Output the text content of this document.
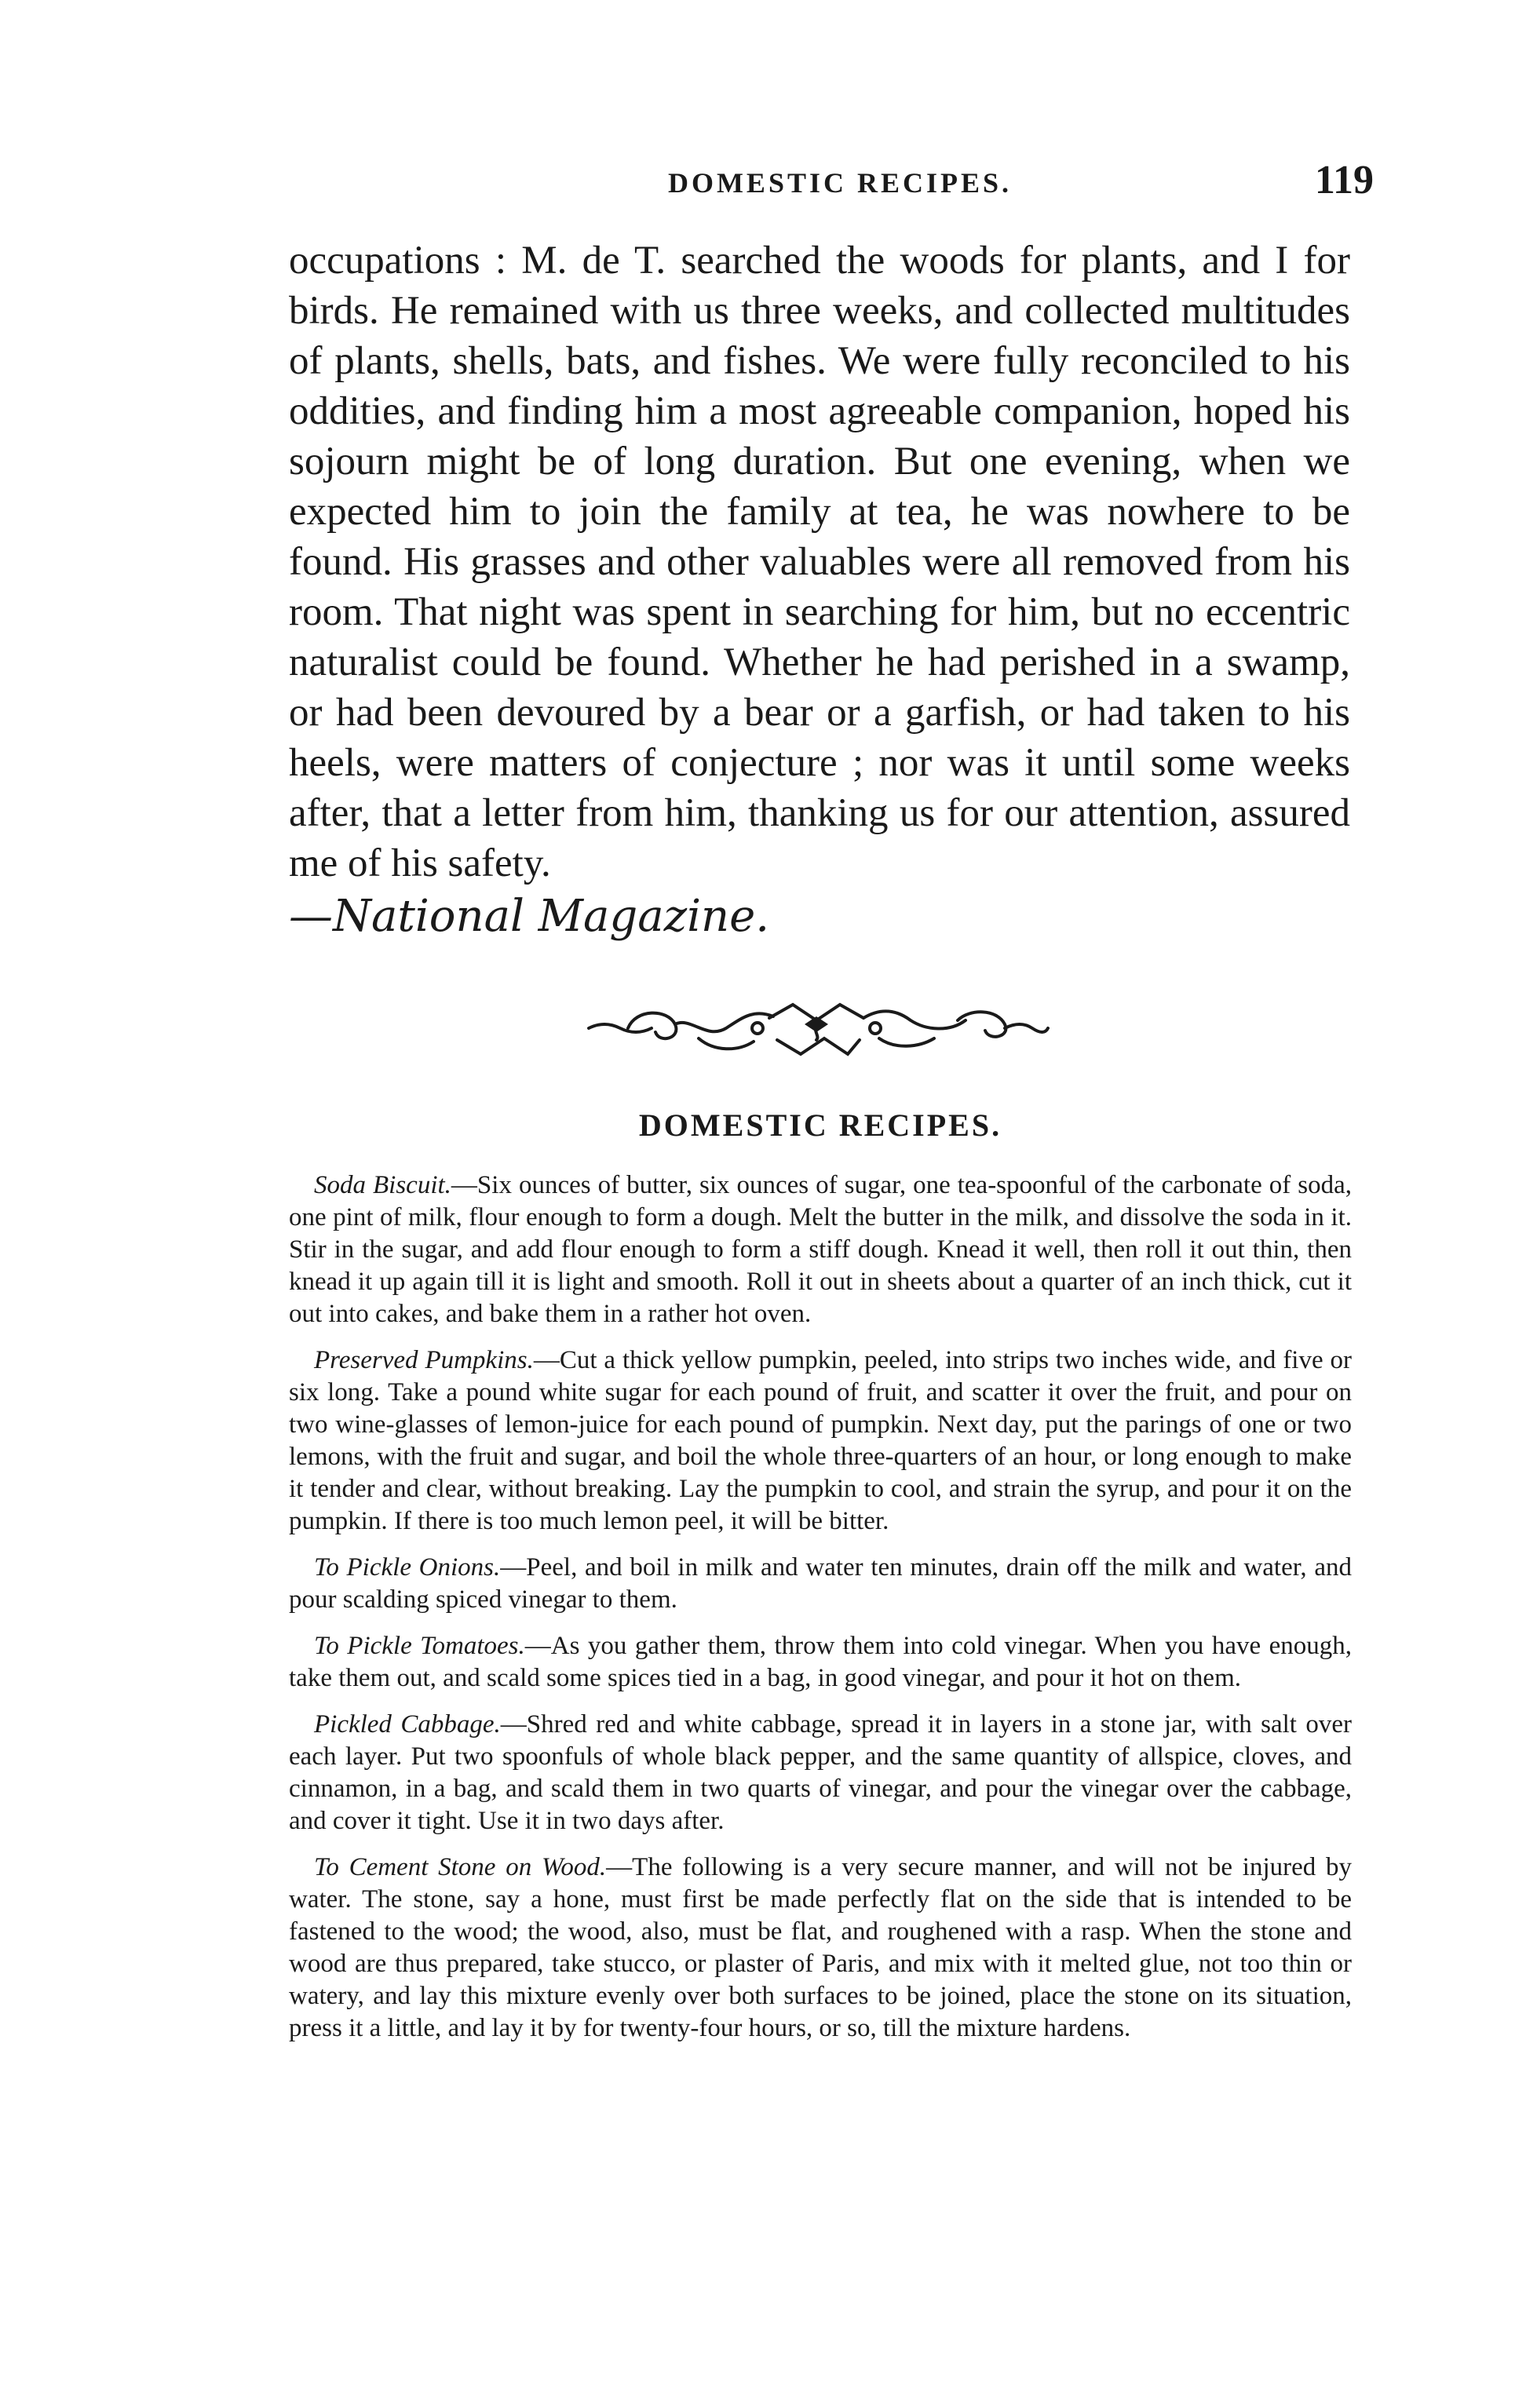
DOMESTIC RECIPES.	119

occupations : M. de T. searched the woods for plants, and I for birds. He remained with us three weeks, and collected multitudes of plants, shells, bats, and fishes. We were fully reconciled to his oddities, and finding him a most agreeable companion, hoped his sojourn might be of long duration. But one evening, when we expected him to join the family at tea, he was nowhere to be found. His grasses and other valuables were all removed from his room. That night was spent in searching for him, but no eccentric naturalist could be found. Whether he had perished in a swamp, or had been devoured by a bear or a garfish, or had taken to his heels, were matters of conjecture ; nor was it until some weeks after, that a letter from him, thanking us for our attention, assured me of his safety.

—National Magazine.
DOMESTIC RECIPES.

Soda Biscuit.—Six ounces of butter, six ounces of sugar, one tea-spoonful of the carbonate of soda, one pint of milk, flour enough to form a dough. Melt the butter in the milk, and dissolve the soda in it. Stir in the sugar, and add flour enough to form a stiff dough. Knead it well, then roll it out thin, then knead it up again till it is light and smooth. Roll it out in sheets about a quarter of an inch thick, cut it out into cakes, and bake them in a rather hot oven.

Preserved Pumpkins.—Cut a thick yellow pumpkin, peeled, into strips two inches wide, and five or six long. Take a pound white sugar for each pound of fruit, and scatter it over the fruit, and pour on two wine-glasses of lemon-juice for each pound of pumpkin. Next day, put the parings of one or two lemons, with the fruit and sugar, and boil the whole three-quarters of an hour, or long enough to make it tender and clear, without breaking. Lay the pumpkin to cool, and strain the syrup, and pour it on the pumpkin. If there is too much lemon peel, it will be bitter.

To Pickle Onions.—Peel, and boil in milk and water ten minutes, drain off the milk and water, and pour scalding spiced vinegar to them.

To Pickle Tomatoes.—As you gather them, throw them into cold vinegar. When you have enough, take them out, and scald some spices tied in a bag, in good vinegar, and pour it hot on them.

Pickled Cabbage.—Shred red and white cabbage, spread it in layers in a stone jar, with salt over each layer. Put two spoonfuls of whole black pepper, and the same quantity of allspice, cloves, and cinnamon, in a bag, and scald them in two quarts of vinegar, and pour the vinegar over the cabbage, and cover it tight. Use it in two days after.

To Cement Stone on Wood.—The following is a very secure manner, and will not be injured by water. The stone, say a hone, must first be made perfectly flat on the side that is intended to be fastened to the wood; the wood, also, must be flat, and roughened with a rasp. When the stone and wood are thus prepared, take stucco, or plaster of Paris, and mix with it melted glue, not too thin or watery, and lay this mixture evenly over both surfaces to be joined, place the stone on its situation, press it a little, and lay it by for twenty-four hours, or so, till the mixture hardens.
